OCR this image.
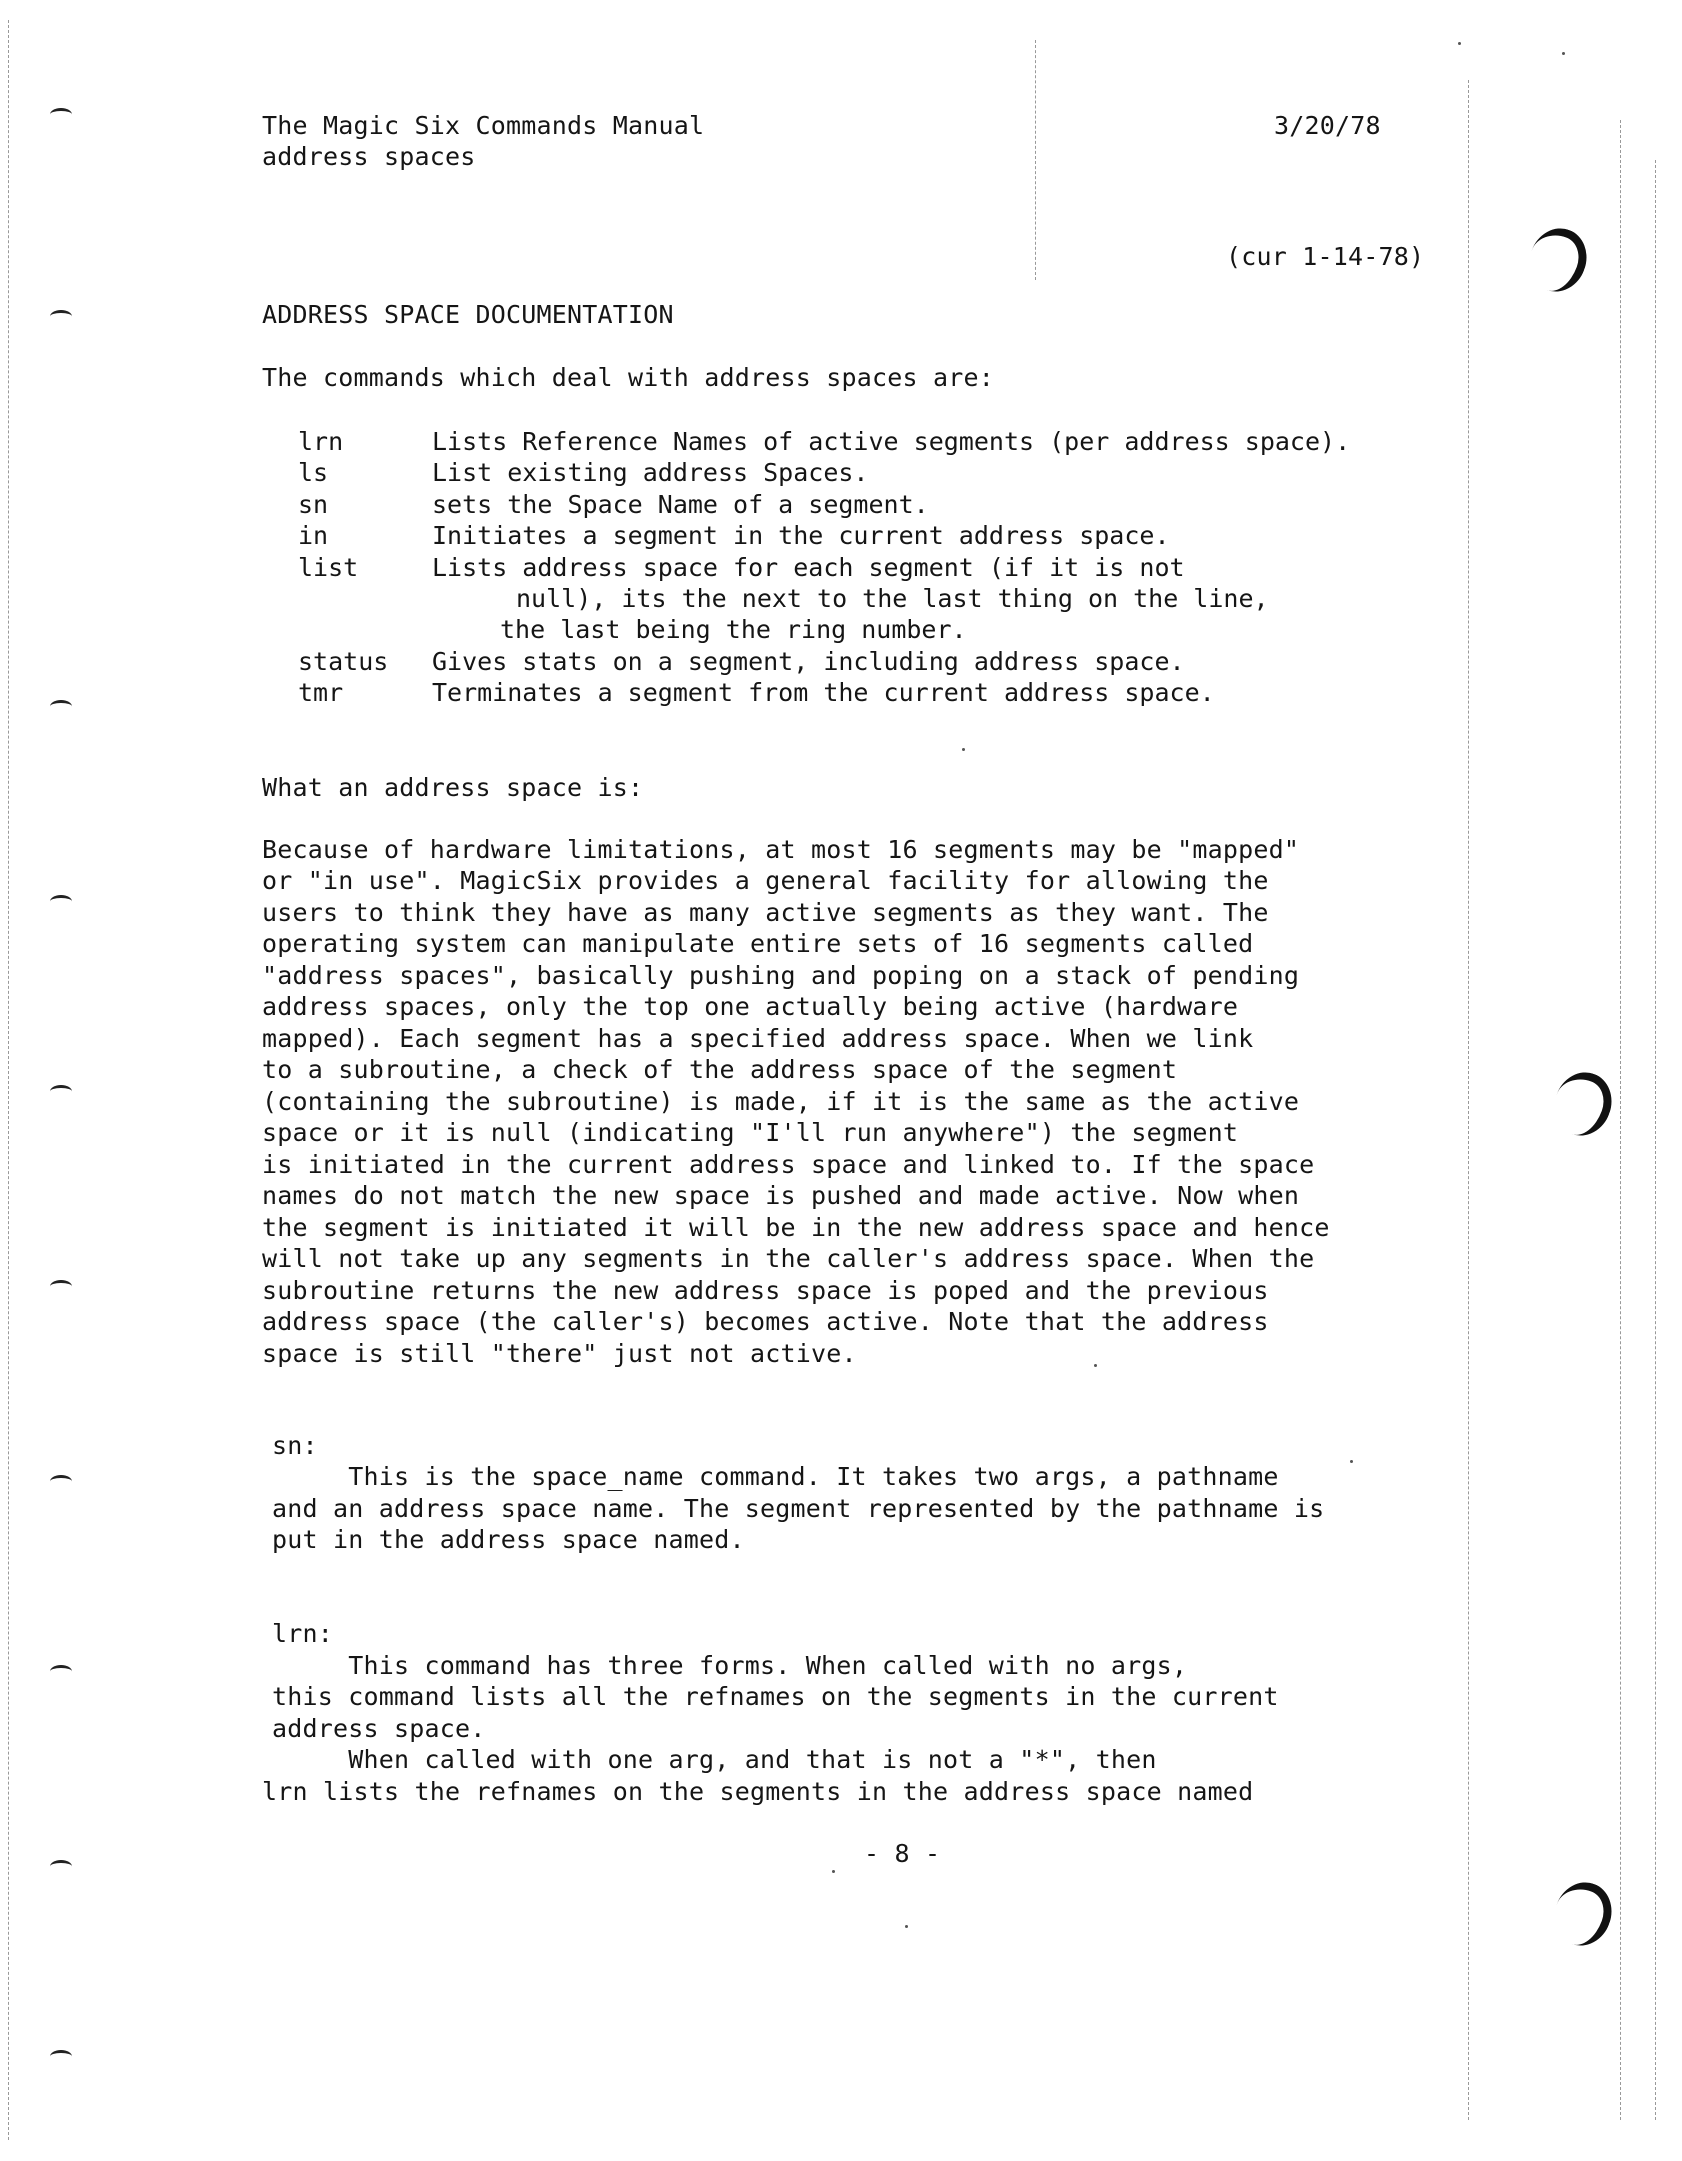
The Magic Six Commands Manual
address spaces
3/20/78
(cur 1-14-78)
ADDRESS SPACE DOCUMENTATION
The commands which deal with address spaces are:
lrn	Lists Reference Names of active segments (per address space).
ls	List existing address Spaces.
sn	sets the Space Name of a segment.
in	Initiates a segment in the current address space.
list	Lists address space for each segment (if it is not
null), its the next to the last thing on the line,
the last being the ring number.
status Gives stats on a segment, including address space.
tmr	Terminates a segment from the current address space.
What an address space is:
Because of hardware limitations, at most 16 segments may be "mapped"
or "in use". MagicSix provides a general facility for allowing the
users to think they have as many active segments as they want. The
operating system can manipulate entire sets of 16 segments called
"address spaces", basically pushing and poping on a stack of pending
address spaces, only the top one actually being active (hardware
mapped). Each segment has a specified address space. When we link
to a subroutine, a check of the address space of the segment
(containing the subroutine) is made, if it is the same as the active
space or it is null (indicating "I'll run anywhere") the segment
is initiated in the current address space and linked to. If the space
names do not match the new space is pushed and made active. Now when
the segment is initiated it will be in the new address space and hence
will not take up any segments in the caller's address space. When the
subroutine returns the new address space is poped and the previous
address space (the caller's) becomes active. Note that the address
space is still "there" just not active.
sn:
This is the space_name command. It takes two args, a pathname
and an address space name. The segment represented by the pathname is
put in the address space named.
lrn:
This command has three forms. When called with no args,
this command lists all the refnames on the segments in the current
address space.
When called with one arg, and that is not a "*", then
lrn lists the refnames on the segments in the address space named
- 8 -
